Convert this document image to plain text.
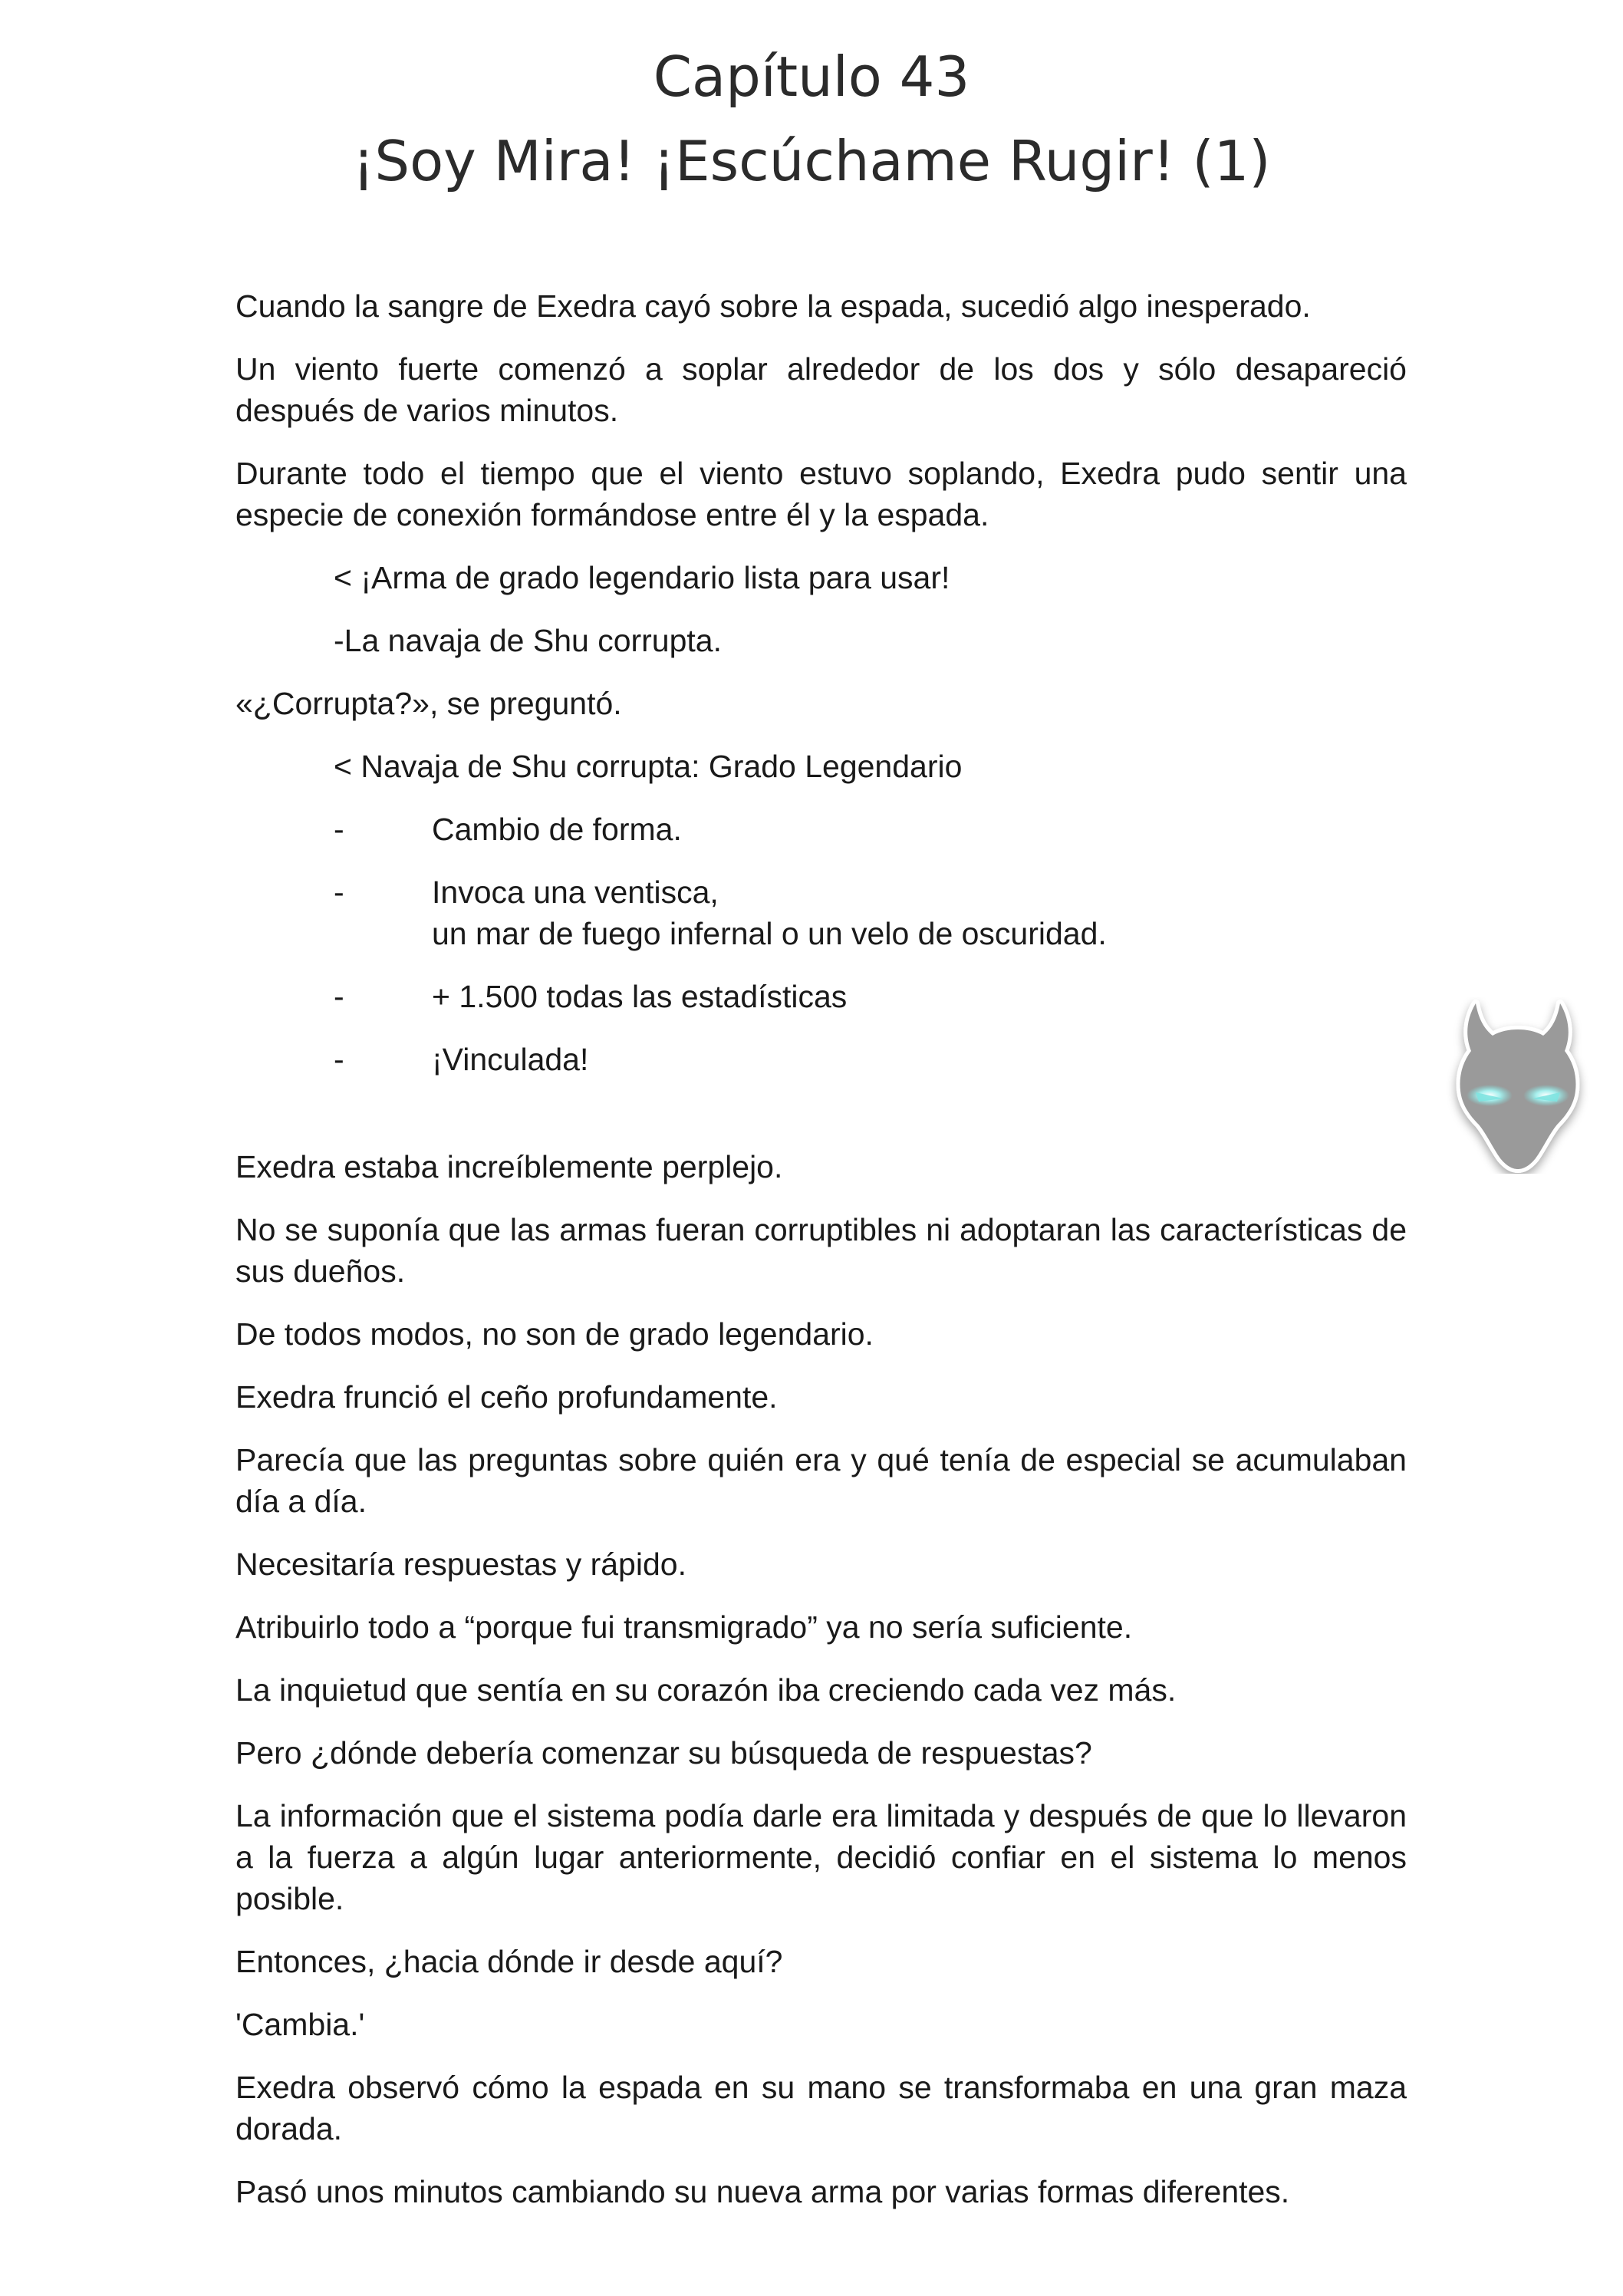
Capítulo 43
¡Soy Mira! ¡Escúchame Rugir! (1)

Cuando la sangre de Exedra cayó sobre la espada, sucedió algo inesperado.

Un viento fuerte comenzó a soplar alrededor de los dos y sólo desapareció después de varios minutos.

Durante todo el tiempo que el viento estuvo soplando, Exedra pudo sentir una especie de conexión formándose entre él y la espada.

< ¡Arma de grado legendario lista para usar!

-La navaja de Shu corrupta.

«¿Corrupta?», se preguntó.

< Navaja de Shu corrupta: Grado Legendario

-	Cambio de forma.
-	Invoca una ventisca,
un mar de fuego infernal o un velo de oscuridad.
-	+ 1.500 todas las estadísticas
-	¡Vinculada!

Exedra estaba increíblemente perplejo.

No se suponía que las armas fueran corruptibles ni adoptaran las características de sus dueños.

De todos modos, no son de grado legendario.

Exedra frunció el ceño profundamente.

Parecía que las preguntas sobre quién era y qué tenía de especial se acumulaban día a día.

Necesitaría respuestas y rápido.

Atribuirlo todo a “porque fui transmigrado” ya no sería suficiente.

La inquietud que sentía en su corazón iba creciendo cada vez más.

Pero ¿dónde debería comenzar su búsqueda de respuestas?

La información que el sistema podía darle era limitada y después de que lo llevaron a la fuerza a algún lugar anteriormente, decidió confiar en el sistema lo menos posible.

Entonces, ¿hacia dónde ir desde aquí?

'Cambia.'

Exedra observó cómo la espada en su mano se transformaba en una gran maza dorada.

Pasó unos minutos cambiando su nueva arma por varias formas diferentes.
